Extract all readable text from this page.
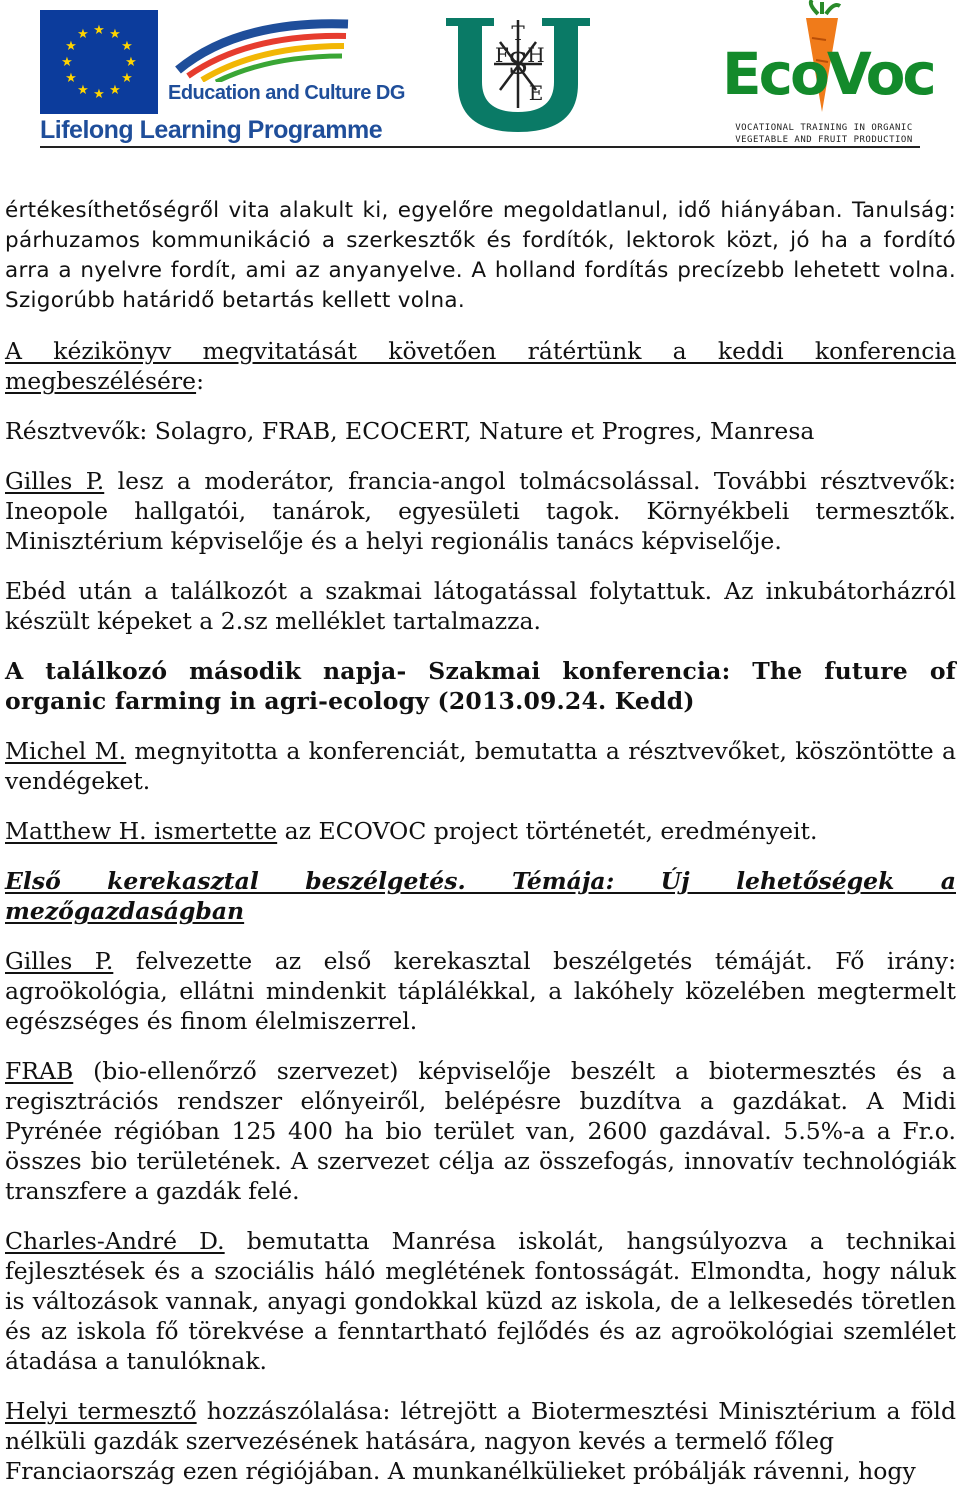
★ ★
★
★
★
★
★
★
★
★
★
★
Education and Culture DG
Lifelong Learning Programme
T
S
F H
E	EcoVoc
VOCATIONAL TRAINING IN ORGANIC VEGETABLE AND FRUIT PRODUCTION

értékesíthetőségről vita alakult ki, egyelőre megoldatlanul, idő hiányában. Tanulság: párhuzamos kommunikáció a szerkesztők és fordítók, lektorok közt, jó ha a fordító arra a nyelvre fordít, ami az anyanyelve. A holland fordítás precízebb lehetett volna. Szigorúbb határidő betartás kellett volna.

A kézikönyv megvitatását követően rátértünk a keddi konferencia megbeszélésére:

Résztvevők: Solagro, FRAB, ECOCERT, Nature et Progres, Manresa

Gilles P. lesz a moderátor, francia-angol tolmácsolással. További résztvevők: Ineopole hallgatói, tanárok, egyesületi tagok. Környékbeli termesztők. Minisztérium képviselője és a helyi regionális tanács képviselője.

Ebéd után a találkozót a szakmai látogatással folytattuk. Az inkubátorházról készült képeket a 2.sz melléklet tartalmazza.

A találkozó második napja- Szakmai konferencia: The future of organic farming in agri-ecology (2013.09.24. Kedd)

Michel M. megnyitotta a konferenciát, bemutatta a résztvevőket, köszöntötte a vendégeket.

Matthew H. ismertette az ECOVOC project történetét, eredményeit.

Első kerekasztal beszélgetés. Témája: Új lehetőségek a mezőgazdaságban

Gilles P. felvezette az első kerekasztal beszélgetés témáját. Fő irány: agroökológia, ellátni mindenkit táplálékkal, a lakóhely közelében megtermelt egészséges és finom élelmiszerrel.

FRAB (bio-ellenőrző szervezet) képviselője beszélt a biotermesztés és a regisztrációs rendszer előnyeiről, belépésre buzdítva a gazdákat. A Midi Pyrénée régióban 125 400 ha bio terület van, 2600 gazdával. 5.5%-a a Fr.o. összes bio területének. A szervezet célja az összefogás, innovatív technológiák transzfere a gazdák felé.

Charles-André D. bemutatta Manrésa iskolát, hangsúlyozva a technikai fejlesztések és a szociális háló meglétének fontosságát. Elmondta, hogy náluk is változások vannak, anyagi gondokkal küzd az iskola, de a lelkesedés töretlen és az iskola fő törekvése a fenntartható fejlődés és az agroökológiai szemlélet átadása a tanulóknak.

Helyi termesztő hozzászólalása: létrejött a Biotermesztési Minisztérium a föld nélküli gazdák szervezésének hatására, nagyon kevés a termelő főleg

Franciaország ezen régiójában. A munkanélkülieket próbálják rávenni, hogy
